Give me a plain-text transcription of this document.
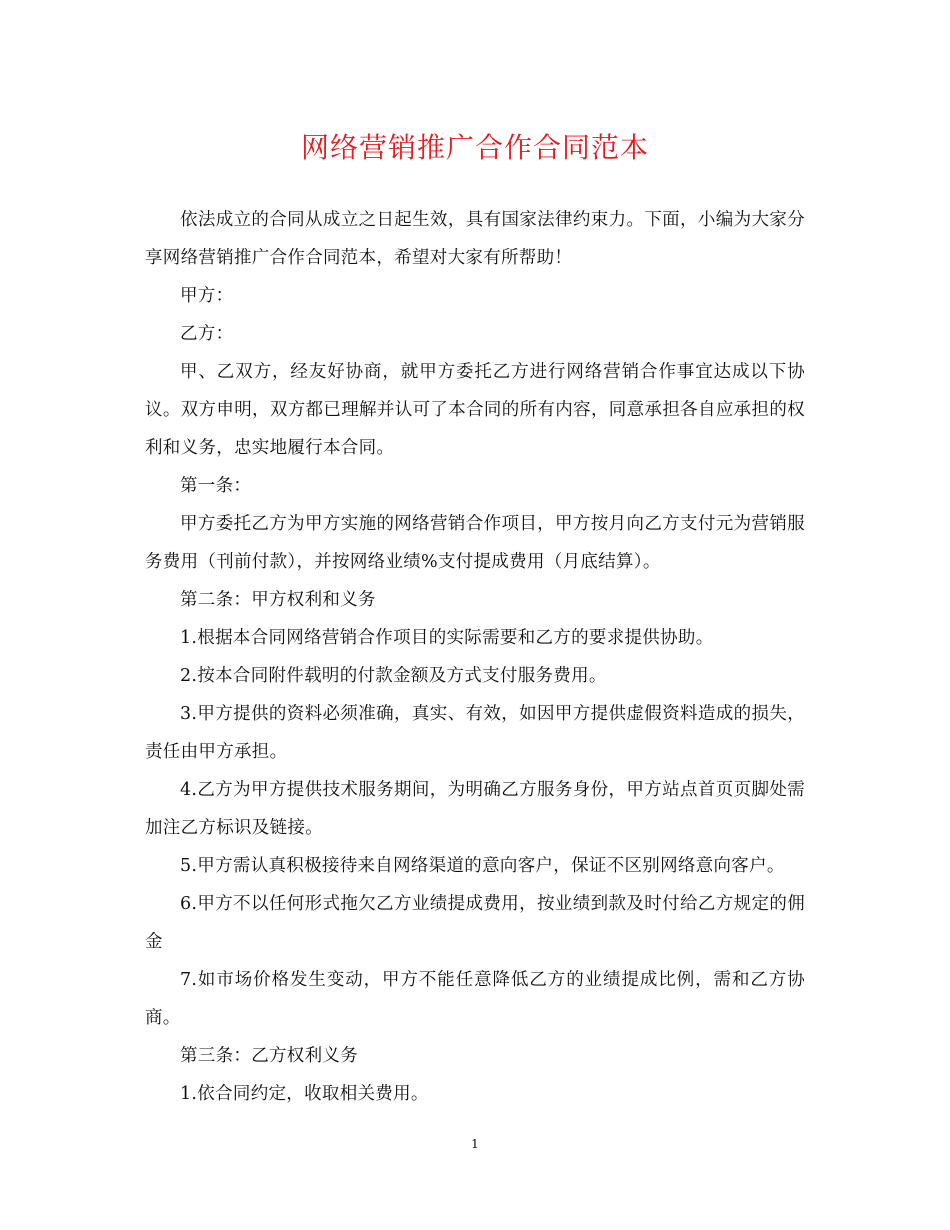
网络营销推广合作合同范本

依法成立的合同从成立之日起生效，具有国家法律约束力。下面，小编为大家分享网络营销推广合作合同范本，希望对大家有所帮助！

甲方：

乙方：

甲、乙双方，经友好协商，就甲方委托乙方进行网络营销合作事宜达成以下协议。双方申明，双方都已理解并认可了本合同的所有内容，同意承担各自应承担的权利和义务，忠实地履行本合同。

第一条：

甲方委托乙方为甲方实施的网络营销合作项目，甲方按月向乙方支付元为营销服务费用（刊前付款），并按网络业绩%支付提成费用（月底结算）。

第二条：甲方权利和义务

1.根据本合同网络营销合作项目的实际需要和乙方的要求提供协助。

2.按本合同附件载明的付款金额及方式支付服务费用。

3.甲方提供的资料必须准确，真实、有效，如因甲方提供虚假资料造成的损失，责任由甲方承担。

4.乙方为甲方提供技术服务期间，为明确乙方服务身份，甲方站点首页页脚处需加注乙方标识及链接。

5.甲方需认真积极接待来自网络渠道的意向客户，保证不区别网络意向客户。

6.甲方不以任何形式拖欠乙方业绩提成费用，按业绩到款及时付给乙方规定的佣金

7.如市场价格发生变动，甲方不能任意降低乙方的业绩提成比例，需和乙方协商。

第三条：乙方权利义务

1.依合同约定，收取相关费用。

1
